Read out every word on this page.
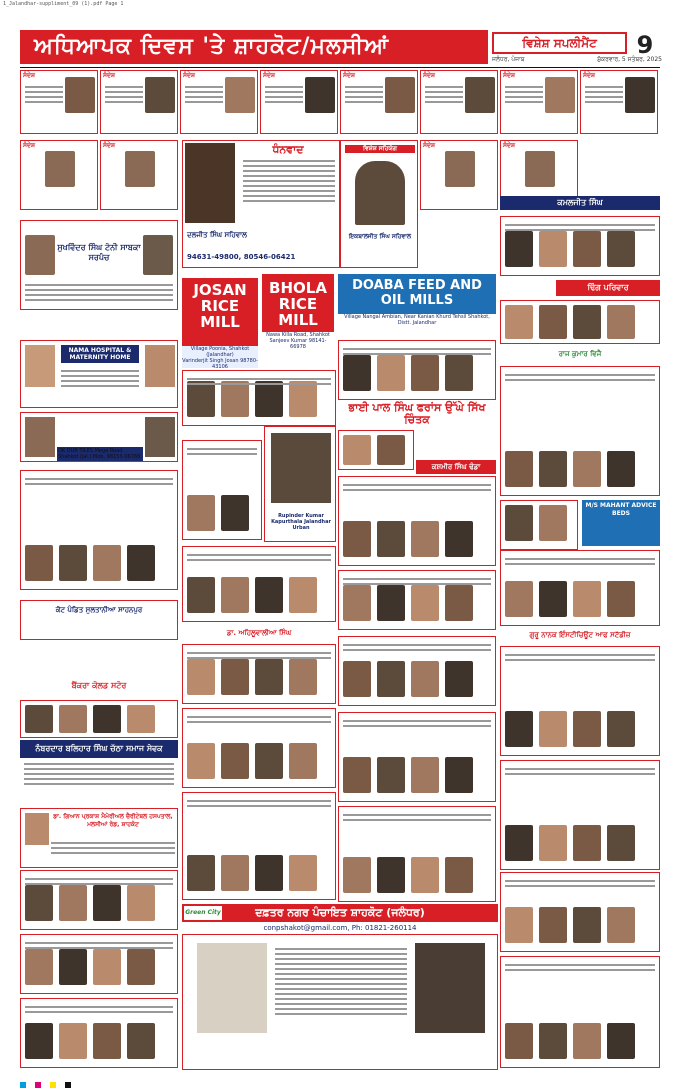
1_Jalandhar-suppliment_09 (1).pdf Page 1
ਅਧਿਆਪਕ ਦਿਵਸ 'ਤੇ ਸ਼ਾਹਕੋਟ/ਮਲਸੀਆਂ	ਵਿਸ਼ੇਸ਼ ਸਪਲੀਮੈਂਟ	9
ਜਲੰਧਰ, ਪੰਜਾਬ	ਸ਼ੁੱਕਰਵਾਰ, 5 ਸਤੰਬਰ, 2025
ਸੰਦੇਸ਼	ਸੰਦੇਸ਼	ਸੰਦੇਸ਼	ਸੰਦੇਸ਼	ਸੰਦੇਸ਼	ਸੰਦੇਸ਼	ਸੰਦੇਸ਼	ਸੰਦੇਸ਼
ਸੰਦੇਸ਼	ਸੰਦੇਸ਼	ਸੰਦੇਸ਼	ਸੰਦੇਸ਼
ਸੁਖਵਿੰਦਰ ਸਿੰਘ ਟੋਨੀ ਸਾਬਕਾ ਸਰਪੰਚ
JOSAN RICE MILL
Village Poonia, Shahkot (Jalandhar)
Varinderjit Singh Josan 98780-43106
BHOLA RICE MILL
Nawa Killa Road, Shahkot
Sanjeev Kumar 98141-66978
DOABA FEED AND OIL MILLS
Village Nangal Ambian, Near Kanian Khurd Tehsil Shahkot, Distt. Jalandhar
ਧੰਨਵਾਦ
ਦਲਜੀਤ ਸਿੰਘ ਸਹਿਵਾਲ
94631-49800, 80546-06421
ਵਿਸ਼ੇਸ਼ ਸਹਿਯੋਗ
ਇਕਬਾਲਜੀਤ ਸਿੰਘ ਸਹਿਵਾਲ
NAMA HOSPITAL & MATERNITY HOME
OK DUR TILES Mega Road Shahkot (Jal.) Mob. 98153-06788
ਭਾਈ ਪਾਲ ਸਿੰਘ ਫਰਾਂਸ ਉੱਘੇ ਸਿੱਖ ਚਿੰਤਕ
Rupinder Kumar Kapurthala Jalandhar Urban
ਕਸ਼ਮੀਰ ਸਿੰਘ ਢੰਡਾ
ਡਾ. ਅਹਿਲੂਵਾਲੀਆ ਸਿੰਘ
ਨੰਬਰਦਾਰ ਬਲਿਹਾਰ ਸਿੰਘ ਚੱਠਾ ਸਮਾਜ ਸੇਵਕ
ਡਾ. ਗਿਆਨ ਪ੍ਰਕਾਸ਼ ਮੈਮੋਰੀਅਲ ਚੈਰੀਟੇਬਲ ਹਸਪਤਾਲ, ਮਲਸੀਆਂ ਰੋਡ, ਸ਼ਾਹਕੋਟ
ਦਫ਼ਤਰ ਨਗਰ ਪੰਚਾਇਤ ਸ਼ਾਹਕੋਟ (ਜਲੰਧਰ)
conpshakot@gmail.com, Ph: 01821-260114
Green City
ਕਮਲਜੀਤ ਸਿੰਘ
ਢਿੰਗ ਪਰਿਵਾਰ
M/S MAHANT ADVICE BEDS
ਗੁਰੂ ਨਾਨਕ ਇੰਸਟੀਚਿਊਟ ਆਫ ਸਟੱਡੀਜ਼
ਬੈਂਕਰਾ ਕੋਲਡ ਸਟੋਰ
ਕੋਟ ਪੰਡਿਤ ਸੁਲਤਾਨੀਆ ਸਾਹਨਪੁਰ
ਰਾਜ ਕੁਮਾਰ ਵਿਜੈ
